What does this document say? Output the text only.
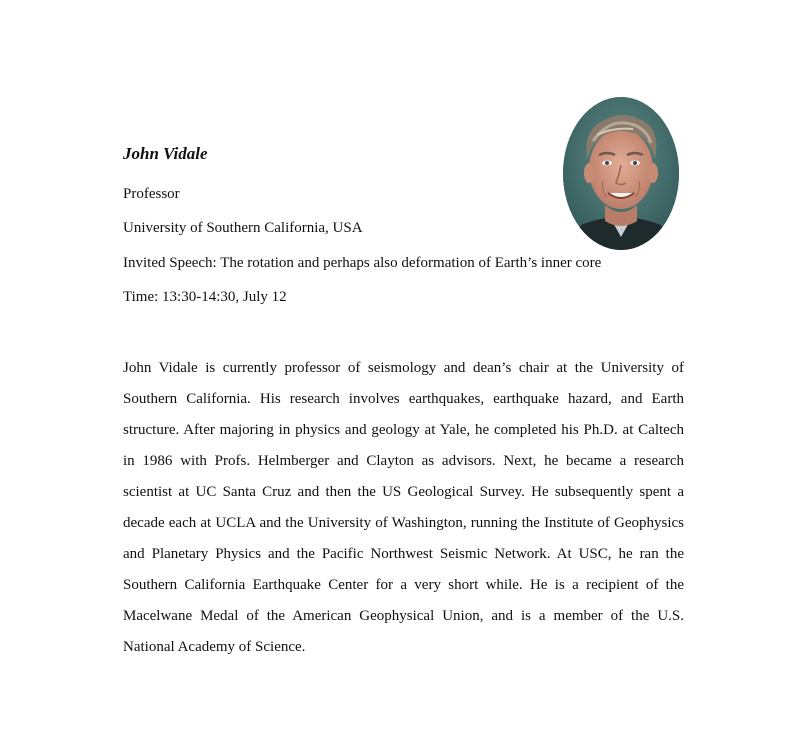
John Vidale

Professor

University of Southern California, USA

Invited Speech: The rotation and perhaps also deformation of Earth’s inner core

Time: 13:30-14:30, July 12

John Vidale is currently professor of seismology and dean’s chair at the University of Southern California. His research involves earthquakes, earthquake hazard, and Earth structure. After majoring in physics and geology at Yale, he completed his Ph.D. at Caltech in 1986 with Profs. Helmberger and Clayton as advisors. Next, he became a research scientist at UC Santa Cruz and then the US Geological Survey. He subsequently spent a decade each at UCLA and the University of Washington, running the Institute of Geophysics and Planetary Physics and the Pacific Northwest Seismic Network. At USC, he ran the Southern California Earthquake Center for a very short while. He is a recipient of the Macelwane Medal of the American Geophysical Union, and is a member of the U.S. National Academy of Science.
